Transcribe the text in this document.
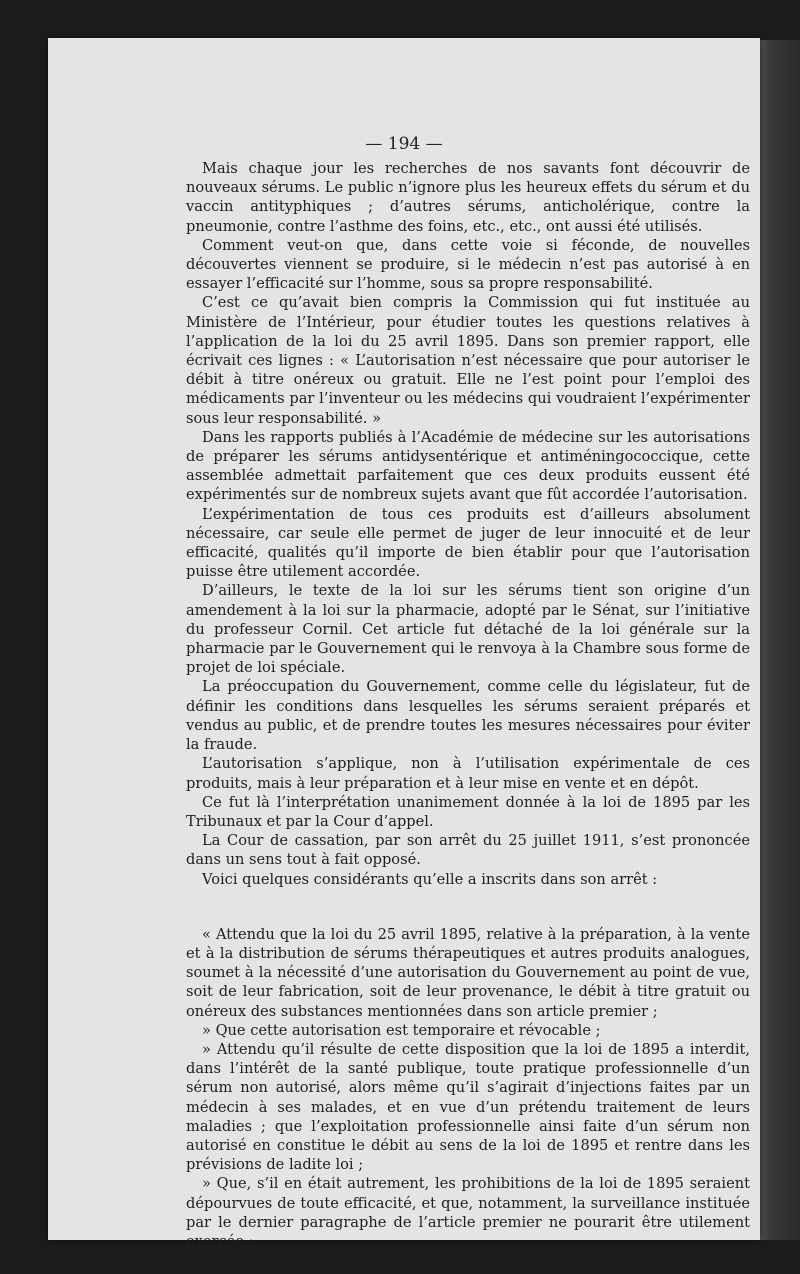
— 194 —

Mais chaque jour les recherches de nos savants font découvrir de nouveaux sérums. Le public n’ignore plus les heureux effets du sérum et du vaccin antityphiques ; d’autres sérums, anticholérique, contre la pneumonie, contre l’asthme des foins, etc., etc., ont aussi été utilisés.

Comment veut-on que, dans cette voie si féconde, de nouvelles découvertes viennent se produire, si le médecin n’est pas autorisé à en essayer l’efficacité sur l’homme, sous sa propre responsabilité.

C’est ce qu’avait bien compris la Commission qui fut instituée au Ministère de l’Intérieur, pour étudier toutes les questions relatives à l’application de la loi du 25 avril 1895. Dans son premier rapport, elle écrivait ces lignes : « L’autorisation n’est nécessaire que pour autoriser le débit à titre onéreux ou gratuit. Elle ne l’est point pour l’emploi des médicaments par l’inventeur ou les médecins qui voudraient l’expérimenter sous leur responsabilité. »

Dans les rapports publiés à l’Académie de médecine sur les autorisations de préparer les sérums antidysentérique et antiméningococcique, cette assemblée admettait parfaitement que ces deux produits eussent été expérimentés sur de nombreux sujets avant que fût accordée l’autorisation.

L’expérimentation de tous ces produits est d’ailleurs absolument nécessaire, car seule elle permet de juger de leur innocuité et de leur efficacité, qualités qu’il importe de bien établir pour que l’autorisation puisse être utilement accordée.

D’ailleurs, le texte de la loi sur les sérums tient son origine d’un amendement à la loi sur la pharmacie, adopté par le Sénat, sur l’initiative du professeur Cornil. Cet article fut détaché de la loi générale sur la pharmacie par le Gouvernement qui le renvoya à la Chambre sous forme de projet de loi spéciale.

La préoccupation du Gouvernement, comme celle du législateur, fut de définir les conditions dans lesquelles les sérums seraient préparés et vendus au public, et de prendre toutes les mesures nécessaires pour éviter la fraude.

L’autorisation s’applique, non à l’utilisation expérimentale de ces produits, mais à leur préparation et à leur mise en vente et en dépôt.

Ce fut là l’interprétation unanimement donnée à la loi de 1895 par les Tribunaux et par la Cour d’appel.

La Cour de cassation, par son arrêt du 25 juillet 1911, s’est prononcée dans un sens tout à fait opposé.

Voici quelques considérants qu’elle a inscrits dans son arrêt :

« Attendu que la loi du 25 avril 1895, relative à la préparation, à la vente et à la distribution de sérums thérapeutiques et autres produits analogues, soumet à la nécessité d’une autorisation du Gouvernement au point de vue, soit de leur fabrication, soit de leur provenance, le débit à titre gratuit ou onéreux des substances mentionnées dans son article premier ;

» Que cette autorisation est temporaire et révocable ;

» Attendu qu’il résulte de cette disposition que la loi de 1895 a interdit, dans l’intérêt de la santé publique, toute pratique professionnelle d’un sérum non autorisé, alors même qu’il s’agirait d’injections faites par un médecin à ses malades, et en vue d’un prétendu traitement de leurs maladies ; que l’exploitation professionnelle ainsi faite d’un sérum non autorisé en constitue le débit au sens de la loi de 1895 et rentre dans les prévisions de ladite loi ;

» Que, s’il en était autrement, les prohibitions de la loi de 1895 seraient dépourvues de toute efficacité, et que, notamment, la surveillance instituée par le dernier paragraphe de l’article premier ne pourarit être utilement exercée ;
